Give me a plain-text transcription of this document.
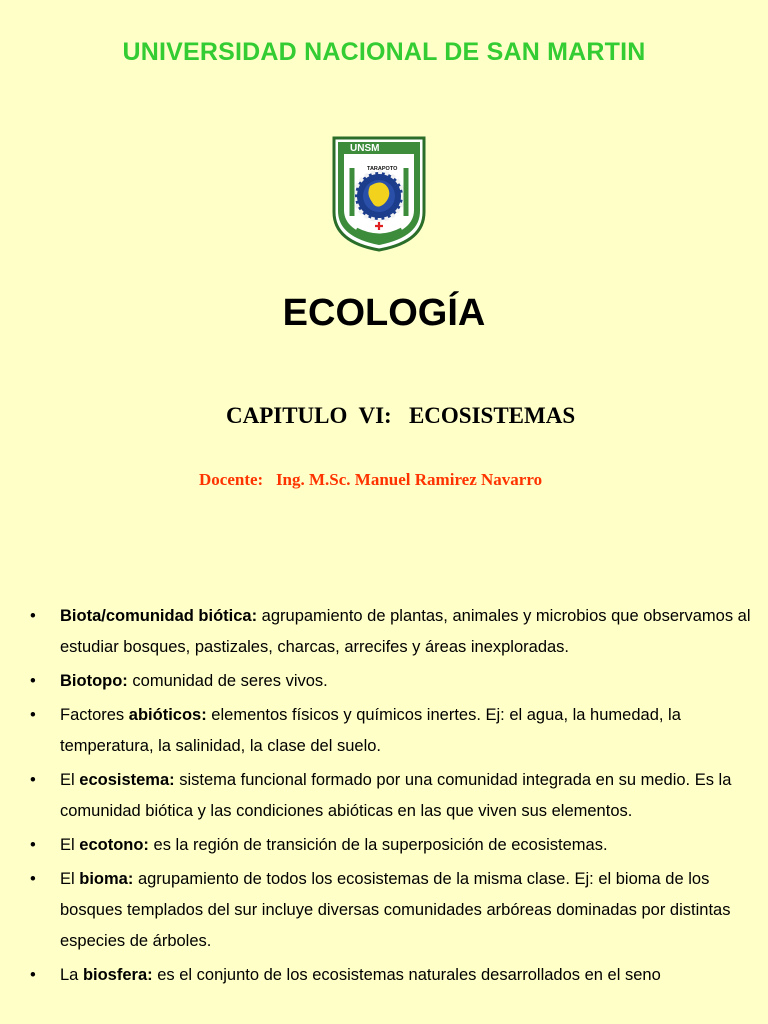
UNIVERSIDAD NACIONAL DE SAN MARTIN
UNSM
TARAPOTO
ECOLOGÍA
CAPITULO  VI:   ECOSISTEMAS
Docente:   Ing. M.Sc. Manuel Ramirez Navarro
• Biota/comunidad biótica: agrupamiento de plantas, animales y microbios que observamos al estudiar bosques, pastizales, charcas, arrecifes y áreas inexploradas.
• Biotopo: comunidad de seres vivos.
• Factores abióticos: elementos físicos y químicos inertes. Ej: el agua, la humedad, la temperatura, la salinidad, la clase del suelo.
• El ecosistema: sistema funcional formado por una comunidad integrada en su medio. Es la comunidad biótica y las condiciones abióticas en las que viven sus elementos.
• El ecotono: es la región de transición de la superposición de ecosistemas.
• El bioma: agrupamiento de todos los ecosistemas de la misma clase. Ej: el bioma de los bosques templados del sur incluye diversas comunidades arbóreas dominadas por distintas especies de árboles.
• La biosfera: es el conjunto de los ecosistemas naturales desarrollados en el seno
